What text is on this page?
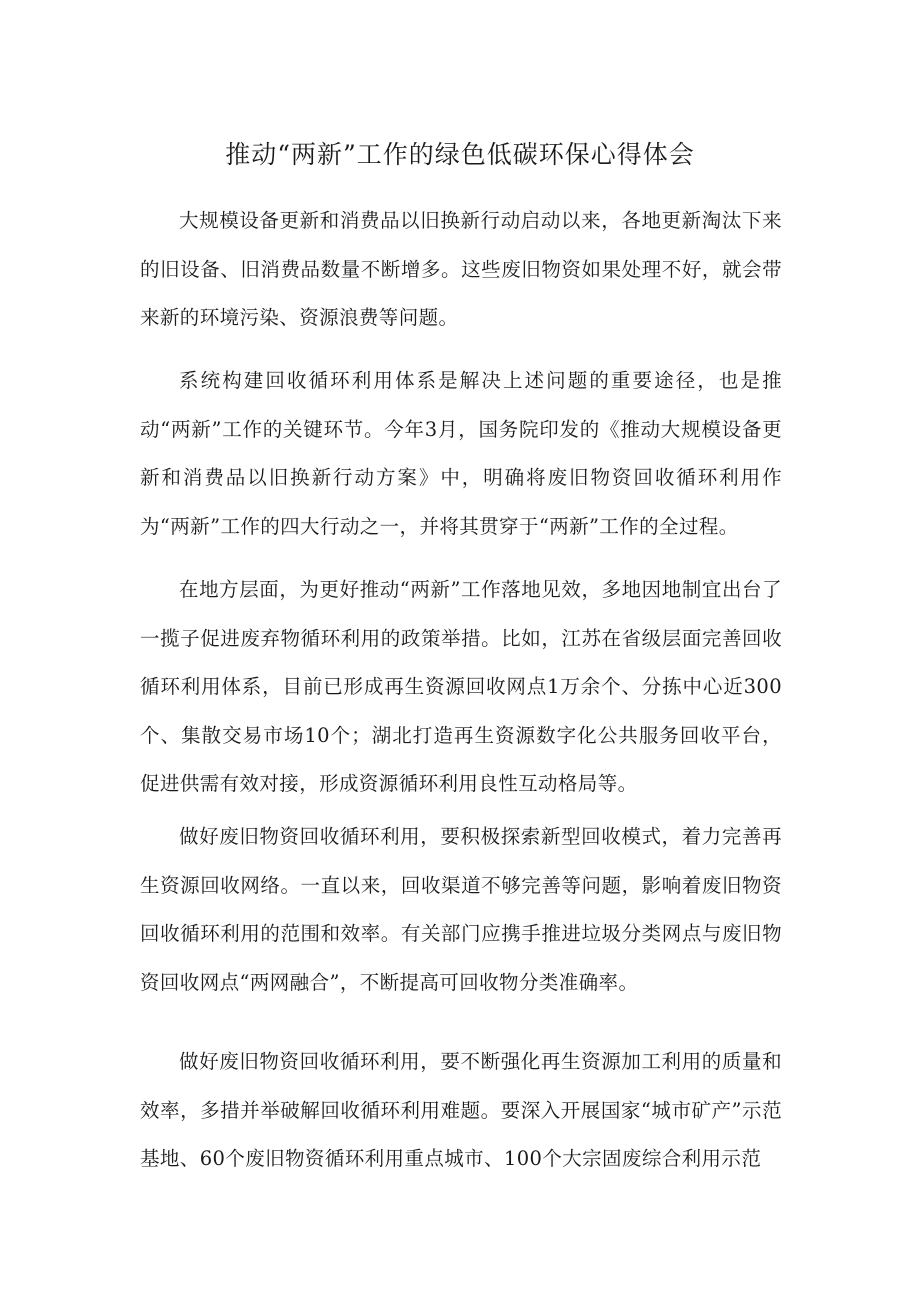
推动“两新”工作的绿色低碳环保心得体会

大规模设备更新和消费品以旧换新行动启动以来，各地更新淘汰下来的旧设备、旧消费品数量不断增多。这些废旧物资如果处理不好，就会带来新的环境污染、资源浪费等问题。

系统构建回收循环利用体系是解决上述问题的重要途径，也是推动“两新”工作的关键环节。今年3月，国务院印发的《推动大规模设备更新和消费品以旧换新行动方案》中，明确将废旧物资回收循环利用作为“两新”工作的四大行动之一，并将其贯穿于“两新”工作的全过程。

在地方层面，为更好推动“两新”工作落地见效，多地因地制宜出台了一揽子促进废弃物循环利用的政策举措。比如，江苏在省级层面完善回收循环利用体系，目前已形成再生资源回收网点1万余个、分拣中心近300个、集散交易市场10个；湖北打造再生资源数字化公共服务回收平台，促进供需有效对接，形成资源循环利用良性互动格局等。

做好废旧物资回收循环利用，要积极探索新型回收模式，着力完善再生资源回收网络。一直以来，回收渠道不够完善等问题，影响着废旧物资回收循环利用的范围和效率。有关部门应携手推进垃圾分类网点与废旧物资回收网点“两网融合”，不断提高可回收物分类准确率。

做好废旧物资回收循环利用，要不断强化再生资源加工利用的质量和效率，多措并举破解回收循环利用难题。要深入开展国家“城市矿产”示范基地、60个废旧物资循环利用重点城市、100个大宗固废综合利用示范
